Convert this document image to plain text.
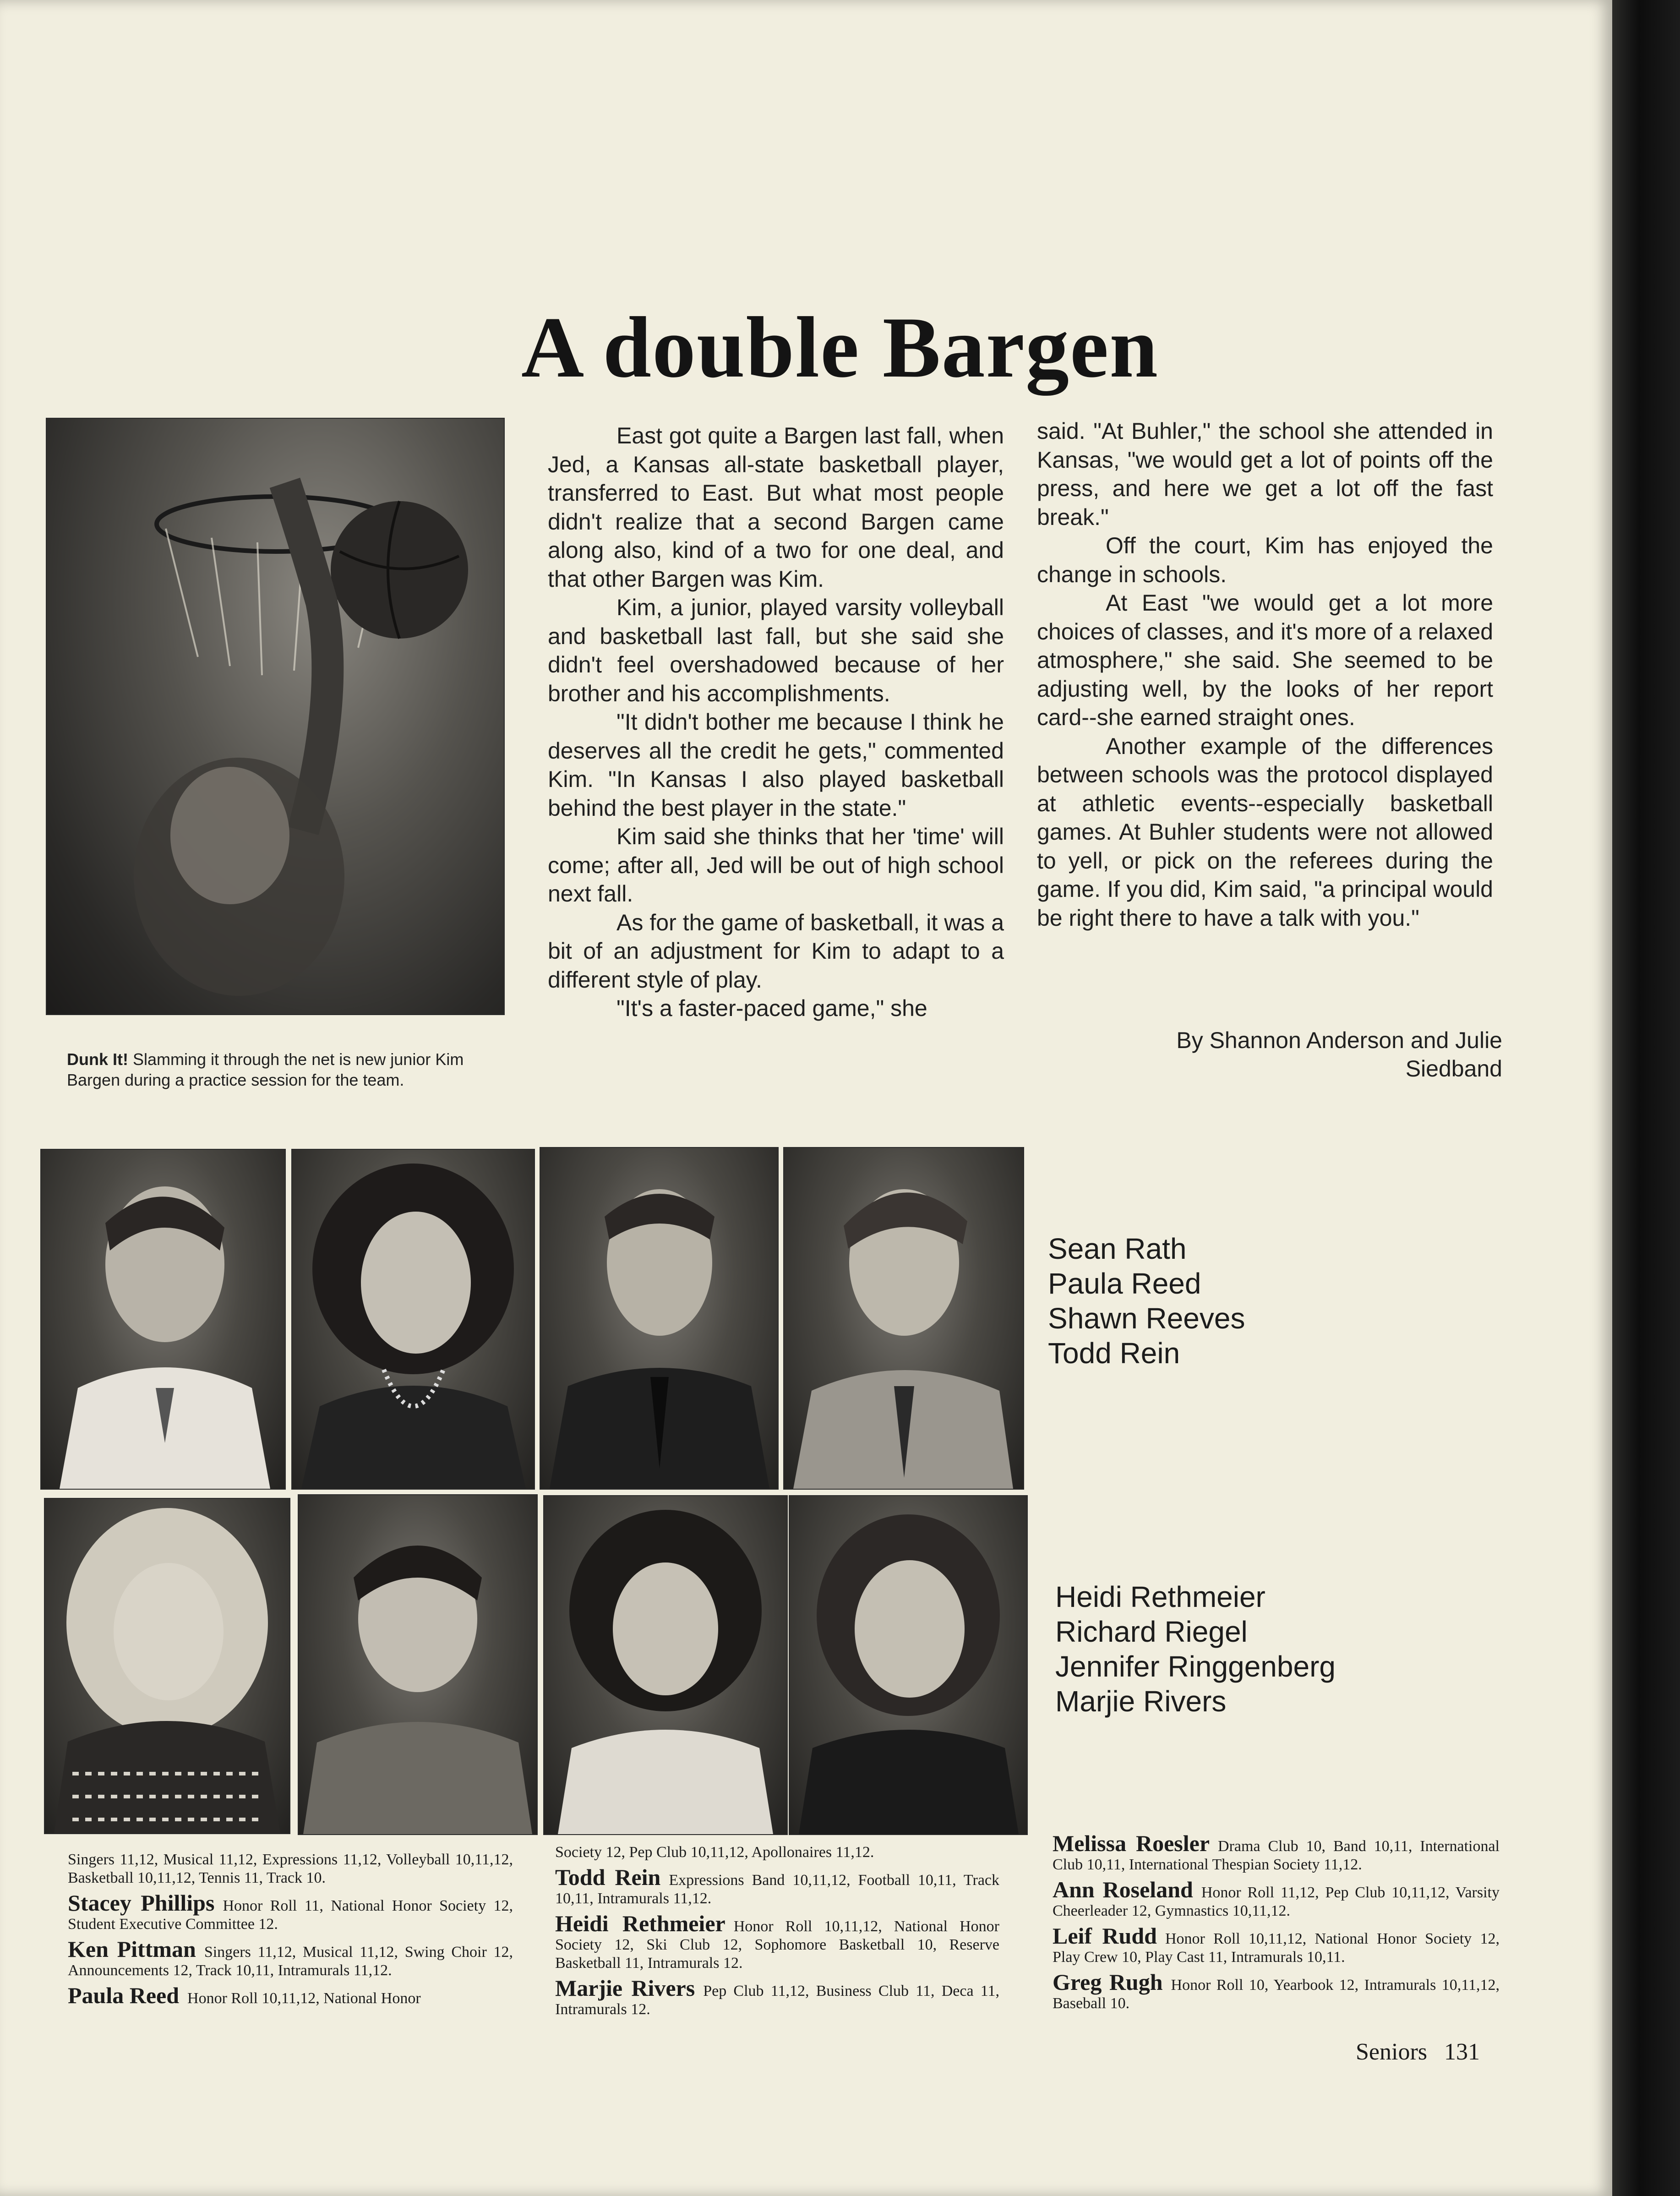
A double Bargen
Dunk It! Slamming it through the net is new junior Kim Bargen during a practice session for the team.

East got quite a Bargen last fall, when Jed, a Kansas all-state basketball player, transferred to East. But what most people didn't realize that a second Bargen came along also, kind of a two for one deal, and that other Bargen was Kim.

Kim, a junior, played varsity volleyball and basketball last fall, but she said she didn't feel overshadowed because of her brother and his accomplishments.

"It didn't bother me because I think he deserves all the credit he gets," commented Kim. "In Kansas I also played basketball behind the best player in the state."

Kim said she thinks that her 'time' will come; after all, Jed will be out of high school next fall.

As for the game of basketball, it was a bit of an adjustment for Kim to adapt to a different style of play.

"It's a faster-paced game," she

said. "At Buhler," the school she attended in Kansas, "we would get a lot of points off the press, and here we get a lot off the fast break."

Off the court, Kim has enjoyed the change in schools.

At East "we would get a lot more choices of classes, and it's more of a relaxed atmosphere," she said. She seemed to be adjusting well, by the looks of her report card--she earned straight ones.

Another example of the differences between schools was the protocol displayed at athletic events--especially basketball games. At Buhler students were not allowed to yell, or pick on the referees during the game. If you did, Kim said, "a principal would be right there to have a talk with you."

By Shannon Anderson and Julie
Siedband
Sean Rath
Paula Reed
Shawn Reeves
Todd Rein
Heidi Rethmeier
Richard Riegel
Jennifer Ringgenberg
Marjie Rivers
Singers 11,12, Musical 11,12, Expressions 11,12, Volleyball 10,11,12, Basketball 10,11,12, Tennis 11, Track 10.
Stacey Phillips Honor Roll 11, National Honor Society 12, Student Executive Committee 12.
Ken Pittman Singers 11,12, Musical 11,12, Swing Choir 12, Announcements 12, Track 10,11, Intramurals 11,12.
Paula Reed Honor Roll 10,11,12, National Honor
Society 12, Pep Club 10,11,12, Apollonaires 11,12.
Todd Rein Expressions Band 10,11,12, Football 10,11, Track 10,11, Intramurals 11,12.
Heidi Rethmeier Honor Roll 10,11,12, National Honor Society 12, Ski Club 12, Sophomore Basketball 10, Reserve Basketball 11, Intramurals 12.
Marjie Rivers Pep Club 11,12, Business Club 11, Deca 11, Intramurals 12.
Melissa Roesler Drama Club 10, Band 10,11, International Club 10,11, International Thespian Society 11,12.
Ann Roseland Honor Roll 11,12, Pep Club 10,11,12, Varsity Cheerleader 12, Gymnastics 10,11,12.
Leif Rudd Honor Roll 10,11,12, National Honor Society 12, Play Crew 10, Play Cast 11, Intramurals 10,11.
Greg Rugh Honor Roll 10, Yearbook 12, Intramurals 10,11,12, Baseball 10.
Seniors 131
